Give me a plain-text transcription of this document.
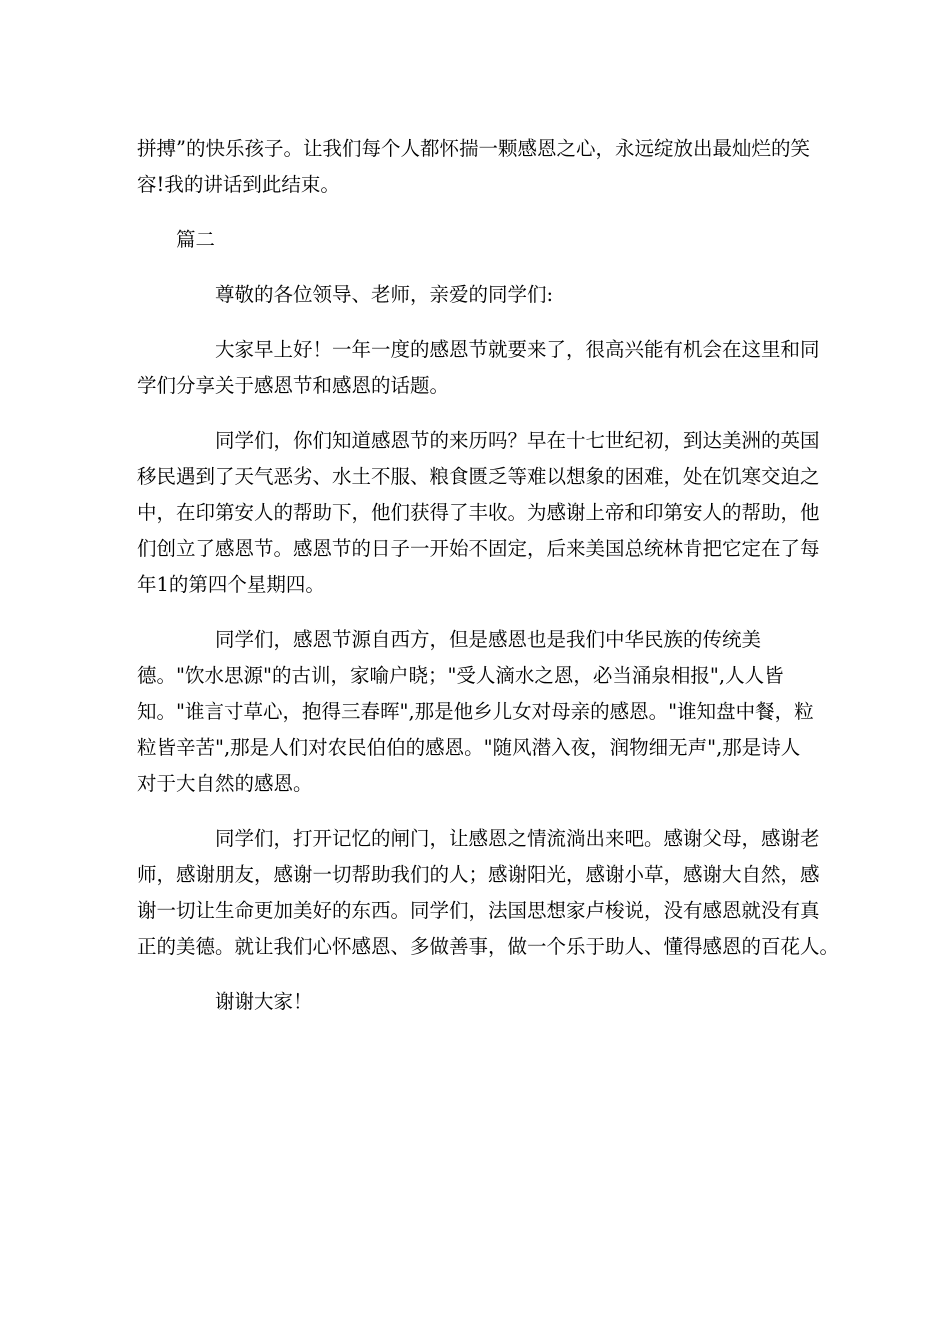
拼搏”的快乐孩子。让我们每个人都怀揣一颗感恩之心，永远绽放出最灿烂的笑
容!我的讲话到此结束。
篇二
尊敬的各位领导、老师，亲爱的同学们:
大家早上好！一年一度的感恩节就要来了，很高兴能有机会在这里和同
学们分享关于感恩节和感恩的话题。
同学们，你们知道感恩节的来历吗？早在十七世纪初，到达美洲的英国
移民遇到了天气恶劣、水土不服、粮食匮乏等难以想象的困难，处在饥寒交迫之
中，在印第安人的帮助下，他们获得了丰收。为感谢上帝和印第安人的帮助，他
们创立了感恩节。感恩节的日子一开始不固定，后来美国总统林肯把它定在了每
年1的第四个星期四。
同学们，感恩节源自西方，但是感恩也是我们中华民族的传统美
德。"饮水思源"的古训，家喻户晓；"受人滴水之恩，必当涌泉相报",人人皆
知。"谁言寸草心，抱得三春晖",那是他乡儿女对母亲的感恩。"谁知盘中餐，粒
粒皆辛苦",那是人们对农民伯伯的感恩。"随风潜入夜，润物细无声",那是诗人
对于大自然的感恩。
同学们，打开记忆的闸门，让感恩之情流淌出来吧。感谢父母，感谢老
师，感谢朋友，感谢一切帮助我们的人；感谢阳光，感谢小草，感谢大自然，感
谢一切让生命更加美好的东西。同学们，法国思想家卢梭说，没有感恩就没有真
正的美德。就让我们心怀感恩、多做善事，做一个乐于助人、懂得感恩的百花人。
谢谢大家！
